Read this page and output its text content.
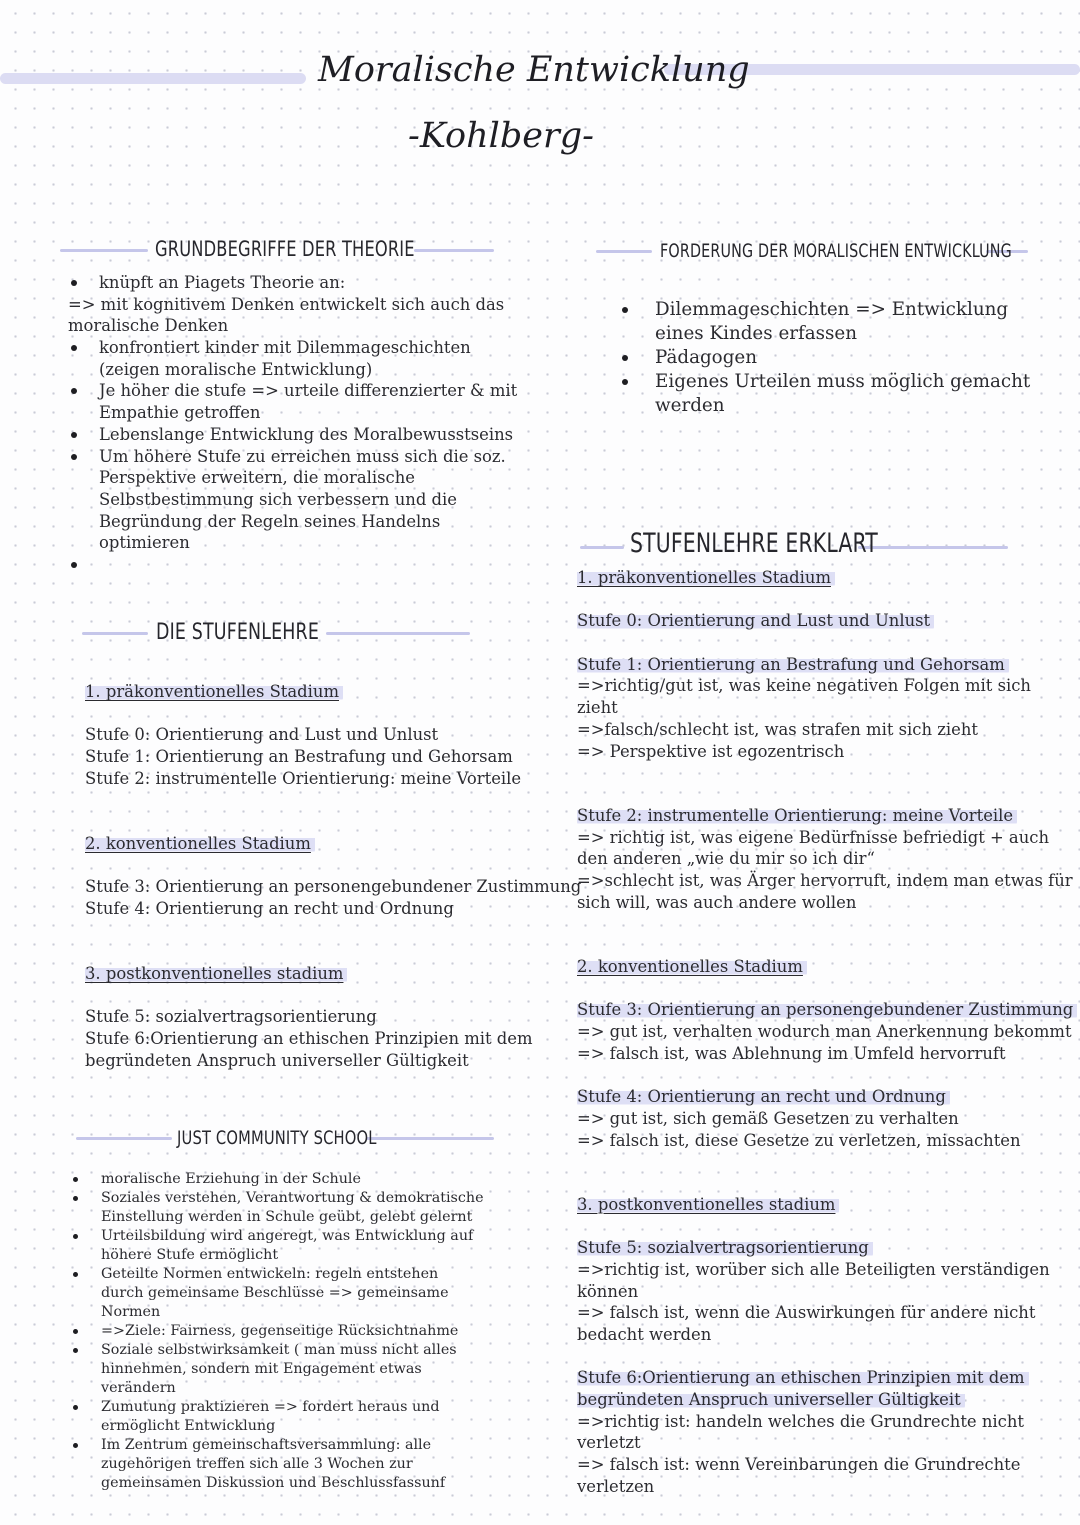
Moralische Entwicklung
-Kohlberg-
GRUNDBEGRIFFE DER THEORIE
knüpft an Piagets Theorie an:
=> mit kognitivem Denken entwickelt sich auch das
moralische Denken
konfrontiert kinder mit Dilemmageschichten
(zeigen moralische Entwicklung)
Je höher die stufe => urteile differenzierter & mit
Empathie getroffen
Lebenslange Entwicklung des Moralbewusstseins
Um höhere Stufe zu erreichen muss sich die soz.
Perspektive erweitern, die moralische
Selbstbestimmung sich verbessern und die
Begründung der Regeln seines Handelns
optimieren
DIE STUFENLEHRE
1. präkonventionelles Stadium
Stufe 0: Orientierung and Lust und Unlust
Stufe 1: Orientierung an Bestrafung und Gehorsam
Stufe 2: instrumentelle Orientierung: meine Vorteile
2. konventionelles Stadium
Stufe 3: Orientierung an personengebundener Zustimmung
Stufe 4: Orientierung an recht und Ordnung
3. postkonventionelles stadium
Stufe 5: sozialvertragsorientierung
Stufe 6:Orientierung an ethischen Prinzipien mit dem
begründeten Anspruch universeller Gültigkeit
JUST COMMUNITY SCHOOL
moralische Erziehung in der Schule
Soziales verstehen, Verantwortung & demokratische
Einstellung werden in Schule geübt, gelebt gelernt
Urteilsbildung wird angeregt, was Entwicklung auf
höhere Stufe ermöglicht
Geteilte Normen entwickeln: regeln entstehen
durch gemeinsame Beschlüsse => gemeinsame
Normen
=>Ziele: Fairness, gegenseitige Rücksichtnahme
Soziale selbstwirksamkeit ( man muss nicht alles
hinnehmen, sondern mit Engagement etwas
verändern
Zumutung praktizieren => fordert heraus und
ermöglicht Entwicklung
Im Zentrum gemeinschaftsversammlung: alle
zugehörigen treffen sich alle 3 Wochen zur
gemeinsamen Diskussion und Beschlussfassunf
FORDERUNG DER MORALISCHEN ENTWICKLUNG
Dilemmageschichten => Entwicklung
eines Kindes erfassen
Pädagogen
Eigenes Urteilen muss möglich gemacht
werden
STUFENLEHRE ERKLART
1. präkonventionelles Stadium
Stufe 0: Orientierung and Lust und Unlust
Stufe 1: Orientierung an Bestrafung und Gehorsam
=>richtig/gut ist, was keine negativen Folgen mit sich
zieht
=>falsch/schlecht ist, was strafen mit sich zieht
=> Perspektive ist egozentrisch
Stufe 2: instrumentelle Orientierung: meine Vorteile
=> richtig ist, was eigene Bedürfnisse befriedigt + auch
den anderen „wie du mir so ich dir“
=>schlecht ist, was Ärger hervorruft, indem man etwas für
sich will, was auch andere wollen
2. konventionelles Stadium
Stufe 3: Orientierung an personengebundener Zustimmung
=> gut ist, verhalten wodurch man Anerkennung bekommt
=> falsch ist, was Ablehnung im Umfeld hervorruft
Stufe 4: Orientierung an recht und Ordnung
=> gut ist, sich gemäß Gesetzen zu verhalten
=> falsch ist, diese Gesetze zu verletzen, missachten
3. postkonventionelles stadium
Stufe 5: sozialvertragsorientierung
=>richtig ist, worüber sich alle Beteiligten verständigen
können
=> falsch ist, wenn die Auswirkungen für andere nicht
bedacht werden
Stufe 6:Orientierung an ethischen Prinzipien mit dem
begründeten Anspruch universeller Gültigkeit
=>richtig ist: handeln welches die Grundrechte nicht
verletzt
=> falsch ist: wenn Vereinbarungen die Grundrechte
verletzen
